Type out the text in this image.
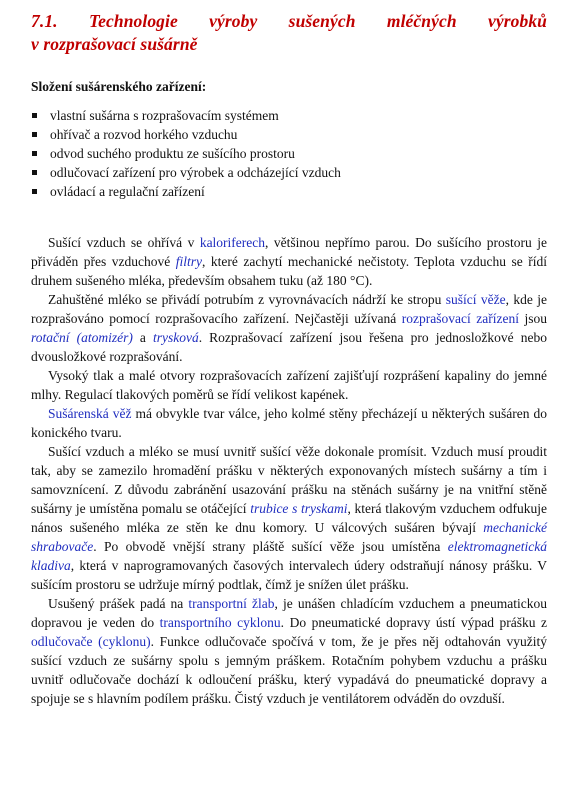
7.1. Technologie výroby sušených mléčných výrobků
v rozprašovací sušárně
Složení sušárenského zařízení:
vlastní sušárna s rozprašovacím systémem
ohřívač a rozvod horkého vzduchu
odvod suchého produktu ze sušícího prostoru
odlučovací zařízení pro výrobek a odcházející vzduch
ovládací a regulační zařízení

Sušící vzduch se ohřívá v kaloriferech, většinou nepřímo parou. Do sušícího prostoru je přiváděn přes vzduchové filtry, které zachytí mechanické nečistoty. Teplota vzduchu se řídí druhem sušeného mléka, především obsahem tuku (až 180 °C).

Zahuštěné mléko se přivádí potrubím z vyrovnávacích nádrží ke stropu sušící věže, kde je rozprašováno pomocí rozprašovacího zařízení. Nejčastěji užívaná rozprašovací zařízení jsou rotační (atomizér) a trysková. Rozprašovací zařízení jsou řešena pro jednosložkové nebo dvousložkové rozprašování.

Vysoký tlak a malé otvory rozprašovacích zařízení zajišťují rozprášení kapaliny do jemné mlhy. Regulací tlakových poměrů se řídí velikost kapének.

Sušárenská věž má obvykle tvar válce, jeho kolmé stěny přecházejí u některých sušáren do konického tvaru.

Sušící vzduch a mléko se musí uvnitř sušící věže dokonale promísit. Vzduch musí proudit tak, aby se zamezilo hromadění prášku v některých exponovaných místech sušárny a tím i samovznícení. Z důvodu zabránění usazování prášku na stěnách sušárny je na vnitřní stěně sušárny je umístěna pomalu se otáčející trubice s tryskami, která tlakovým vzduchem odfukuje nános sušeného mléka ze stěn ke dnu komory. U válcových sušáren bývají mechanické shrabovače. Po obvodě vnější strany pláště sušící věže jsou umístěna elektromagnetická kladiva, která v naprogramovaných časových intervalech údery odstraňují nánosy prášku. V sušícím prostoru se udržuje mírný podtlak, čímž je snížen úlet prášku.

Usušený prášek padá na transportní žlab, je unášen chladícím vzduchem a pneumatickou dopravou je veden do transportního cyklonu. Do pneumatické dopravy ústí výpad prášku z odlučovače (cyklonu). Funkce odlučovače spočívá v tom, že je přes něj odtahován využitý sušící vzduch ze sušárny spolu s jemným práškem. Rotačním pohybem vzduchu a prášku uvnitř odlučovače dochází k odloučení prášku, který vypadává do pneumatické dopravy a spojuje se s hlavním podílem prášku. Čistý vzduch je ventilátorem odváděn do ovzduší.
